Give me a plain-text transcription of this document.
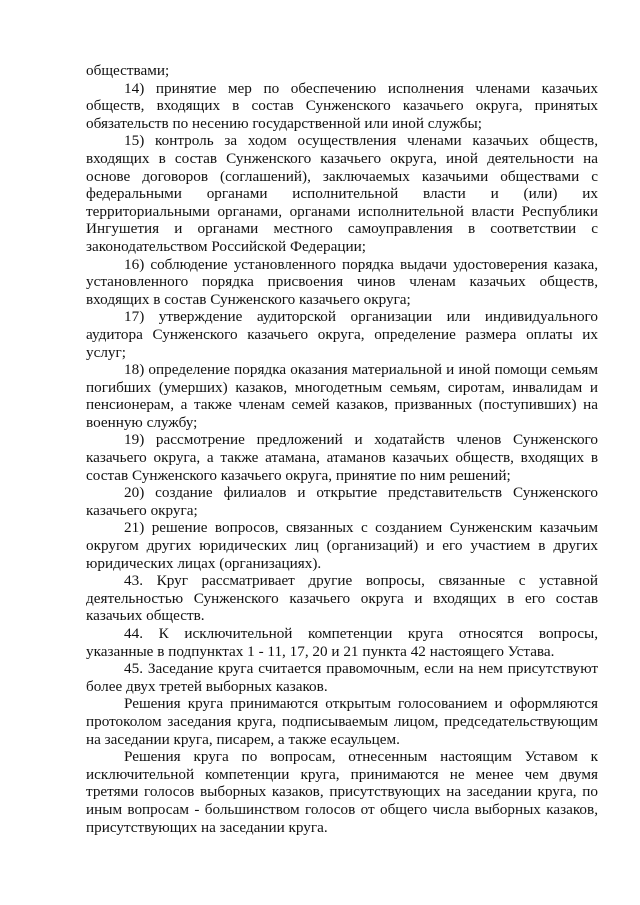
обществами;

14) принятие мер по обеспечению исполнения членами казачьих обществ, входящих в состав Сунженского казачьего округа, принятых обязательств по несению государственной или иной службы;

15) контроль за ходом осуществления членами казачьих обществ, входящих в состав Сунженского казачьего округа, иной деятельности на основе договоров (соглашений), заключаемых казачьими обществами с федеральными органами исполнительной власти и (или) их территориальными органами, органами исполнительной власти Республики Ингушетия и органами местного самоуправления в соответствии с законодательством Российской Федерации;

16) соблюдение установленного порядка выдачи удостоверения казака, установленного порядка присвоения чинов членам казачьих обществ, входящих в состав Сунженского казачьего округа;

17) утверждение аудиторской организации или индивидуального аудитора Сунженского казачьего округа, определение размера оплаты их услуг;

18) определение порядка оказания материальной и иной помощи семьям погибших (умерших) казаков, многодетным семьям, сиротам, инвалидам и пенсионерам, а также членам семей казаков, призванных (поступивших) на военную службу;

19) рассмотрение предложений и ходатайств членов Сунженского казачьего округа, а также атамана, атаманов казачьих обществ, входящих в состав Сунженского казачьего округа, принятие по ним решений;

20) создание филиалов и открытие представительств Сунженского казачьего округа;

21) решение вопросов, связанных с созданием Сунженским казачьим округом других юридических лиц (организаций) и его участием в других юридических лицах (организациях).

43. Круг рассматривает другие вопросы, связанные с уставной деятельностью Сунженского казачьего округа и входящих в его состав казачьих обществ.

44. К исключительной компетенции круга относятся вопросы, указанные в подпунктах 1 - 11, 17, 20 и 21 пункта 42 настоящего Устава.

45. Заседание круга считается правомочным, если на нем присутствуют более двух третей выборных казаков.

Решения круга принимаются открытым голосованием и оформляются протоколом заседания круга, подписываемым лицом, председательствующим на заседании круга, писарем, а также есаульцем.

Решения круга по вопросам, отнесенным настоящим Уставом к исключительной компетенции круга, принимаются не менее чем двумя третями голосов выборных казаков, присутствующих на заседании круга, по иным вопросам - большинством голосов от общего числа выборных казаков, присутствующих на заседании круга.
